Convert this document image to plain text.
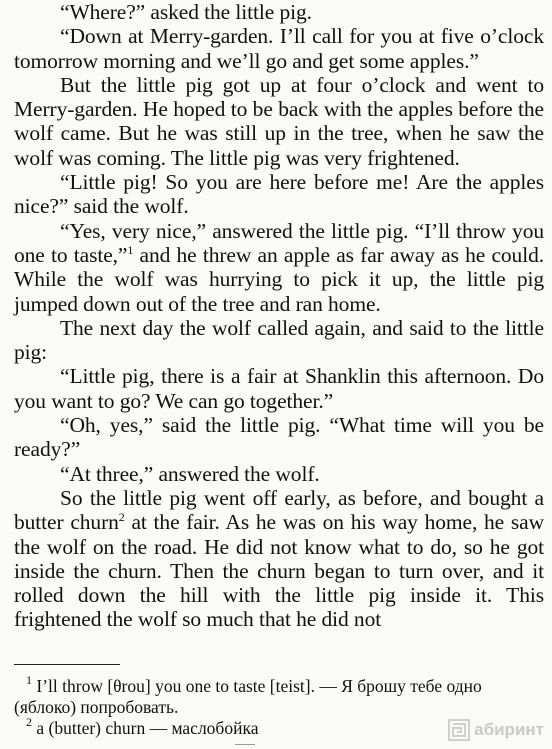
“Where?” asked the little pig.

“Down at Merry-garden. I’ll call for you at five o’clock tomorrow morning and we’ll go and get some apples.”

But the little pig got up at four o’clock and went to Merry-garden. He hoped to be back with the apples before the wolf came. But he was still up in the tree, when he saw the wolf was coming. The little pig was very frightened.

“Little pig! So you are here before me! Are the apples nice?” said the wolf.

“Yes, very nice,” answered the little pig. “I’ll throw you one to taste,”$^1$ and he threw an apple as far away as he could. While the wolf was hurrying to pick it up, the little pig jumped down out of the tree and ran home.

The next day the wolf called again, and said to the little pig:

“Little pig, there is a fair at Shanklin this afternoon. Do you want to go? We can go together.”

“Oh, yes,” said the little pig. “What time will you be ready?”

“At three,” answered the wolf.

So the little pig went off early, as before, and bought a butter churn$^2$ at the fair. As he was on his way home, he saw the wolf on the road. He did not know what to do, so he got inside the churn. Then the churn began to turn over, and it rolled down the hill with the little pig inside it. This frightened the wolf so much that he did not

$^1$ I’ll throw [θrou] you one to taste [teist]. — Я брошу тебе одно (яблоко) попробовать.

$^2$ a (butter) churn — маслобойка	абиринт
